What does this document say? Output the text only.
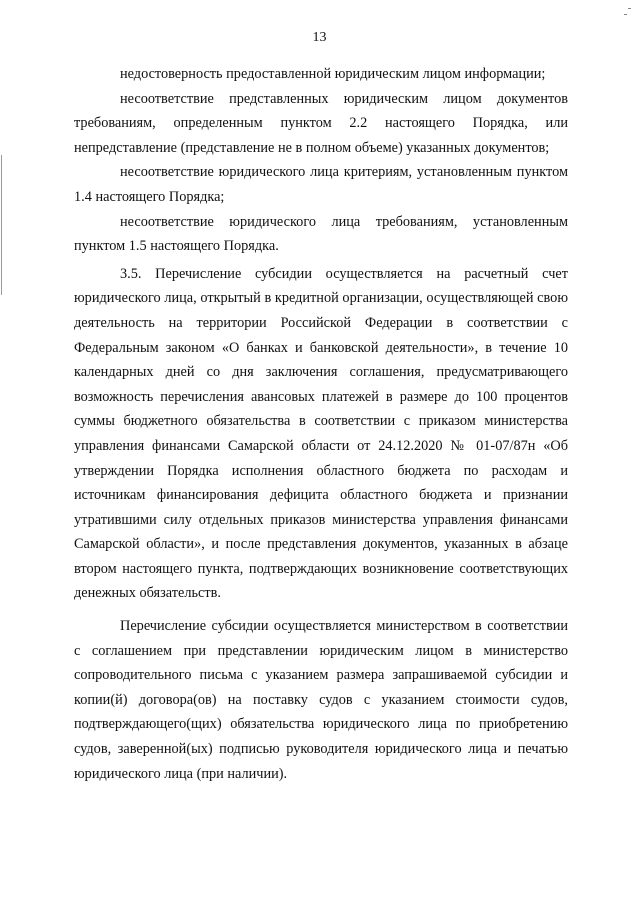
13

недостоверность предоставленной юридическим лицом информации;

несоответствие представленных юридическим лицом документов требованиям, определенным пунктом 2.2 настоящего Порядка, или непредставление (представление не в полном объеме) указанных документов;

несоответствие юридического лица критериям, установленным пунктом 1.4 настоящего Порядка;

несоответствие юридического лица требованиям, установленным пунктом 1.5 настоящего Порядка.

3.5. Перечисление субсидии осуществляется на расчетный счет юридического лица, открытый в кредитной организации, осуществляющей свою деятельность на территории Российской Федерации в соответствии с Федеральным законом «О банках и банковской деятельности», в течение 10 календарных дней со дня заключения соглашения, предусматривающего возможность перечисления авансовых платежей в размере до 100 процентов суммы бюджетного обязательства в соответствии с приказом министерства управления финансами Самарской области от 24.12.2020 № 01-07/87н «Об утверждении Порядка исполнения областного бюджета по расходам и источникам финансирования дефицита областного бюджета и признании утратившими силу отдельных приказов министерства управления финансами Самарской области», и после представления документов, указанных в абзаце втором настоящего пункта, подтверждающих возникновение соответствующих денежных обязательств.

Перечисление субсидии осуществляется министерством в соответствии с соглашением при представлении юридическим лицом в министерство сопроводительного письма с указанием размера запрашиваемой субсидии и копии(й) договора(ов) на поставку судов с указанием стоимости судов, подтверждающего(щих) обязательства юридического лица по приобретению судов, заверенной(ых) подписью руководителя юридического лица и печатью юридического лица (при наличии).
